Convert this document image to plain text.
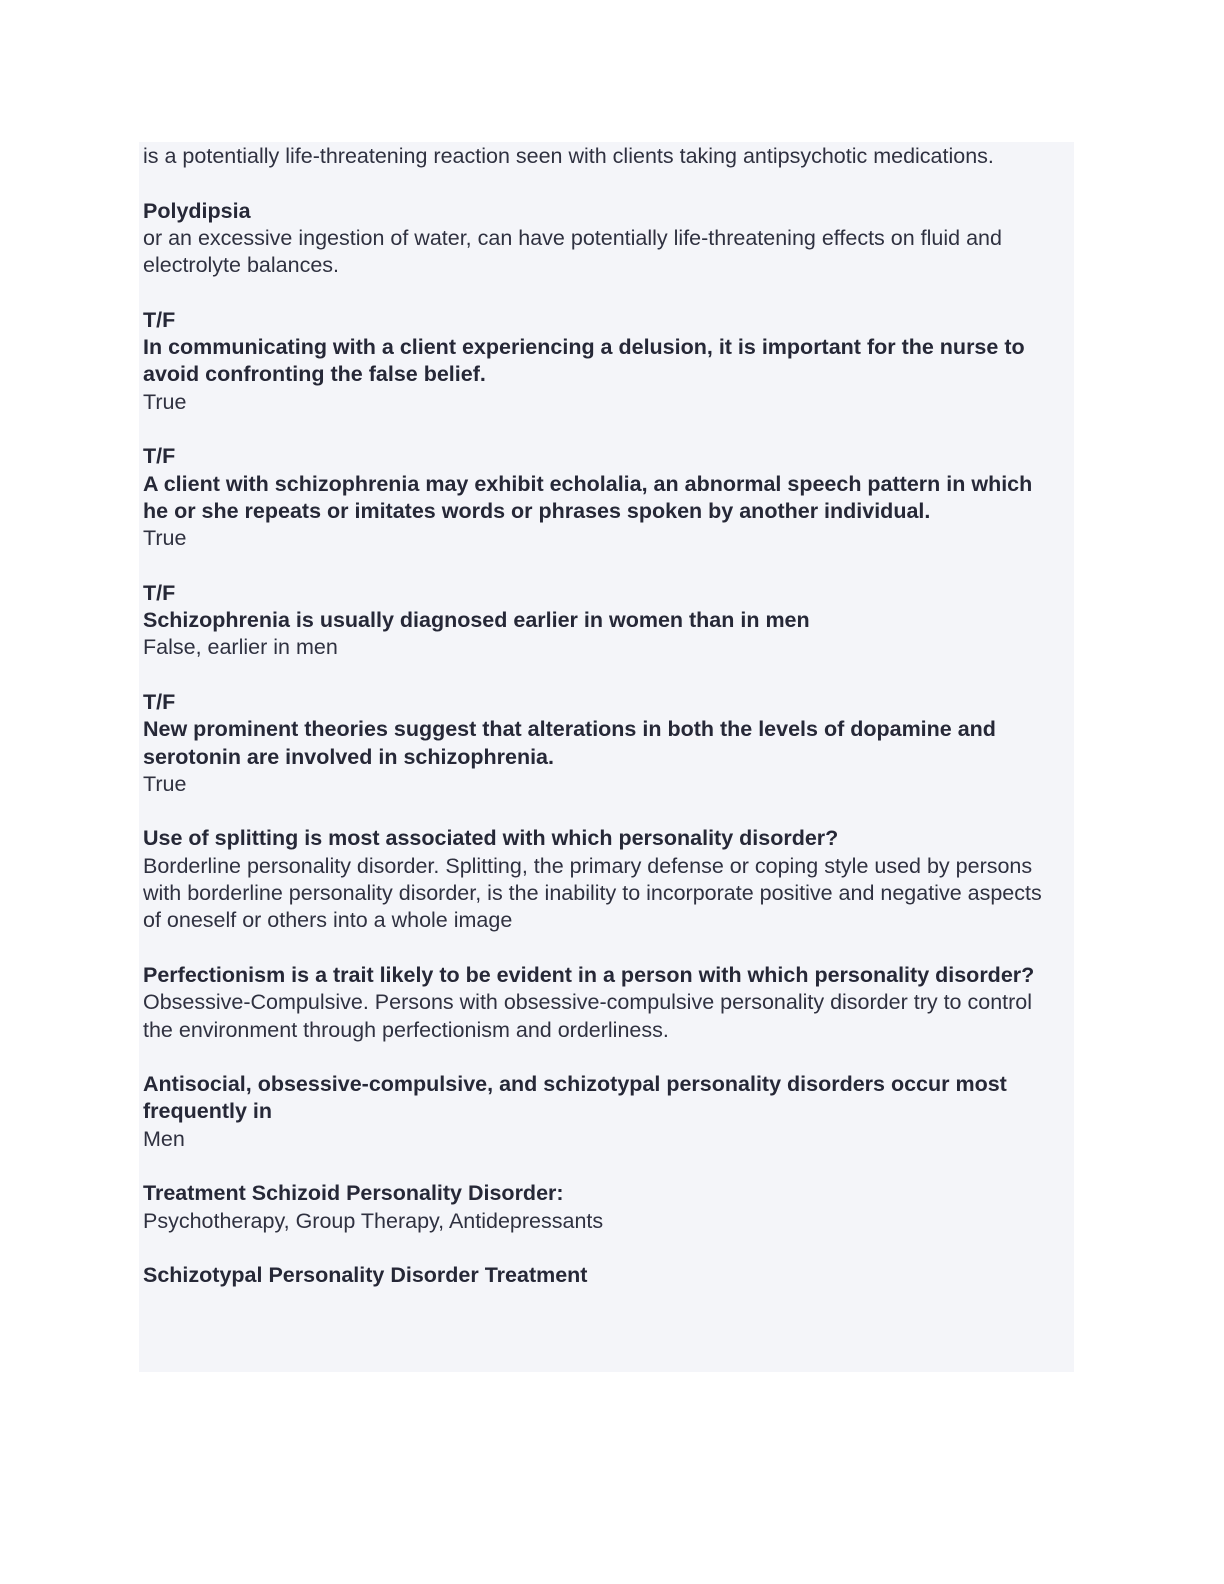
is a potentially life-threatening reaction seen with clients taking antipsychotic medications.

Polydipsia

or an excessive ingestion of water, can have potentially life-threatening effects on fluid and electrolyte balances.

T/F

In communicating with a client experiencing a delusion, it is important for the nurse to avoid confronting the false belief.

True

T/F

A client with schizophrenia may exhibit echolalia, an abnormal speech pattern in which he or she repeats or imitates words or phrases spoken by another individual.

True

T/F

Schizophrenia is usually diagnosed earlier in women than in men

False, earlier in men

T/F

New prominent theories suggest that alterations in both the levels of dopamine and serotonin are involved in schizophrenia.

True

Use of splitting is most associated with which personality disorder?

Borderline personality disorder. Splitting, the primary defense or coping style used by persons with borderline personality disorder, is the inability to incorporate positive and negative aspects of oneself or others into a whole image

Perfectionism is a trait likely to be evident in a person with which personality disorder?

Obsessive-Compulsive. Persons with obsessive-compulsive personality disorder try to control the environment through perfectionism and orderliness.

Antisocial, obsessive-compulsive, and schizotypal personality disorders occur most frequently in

Men

Treatment Schizoid Personality Disorder:

Psychotherapy, Group Therapy, Antidepressants

Schizotypal Personality Disorder Treatment
